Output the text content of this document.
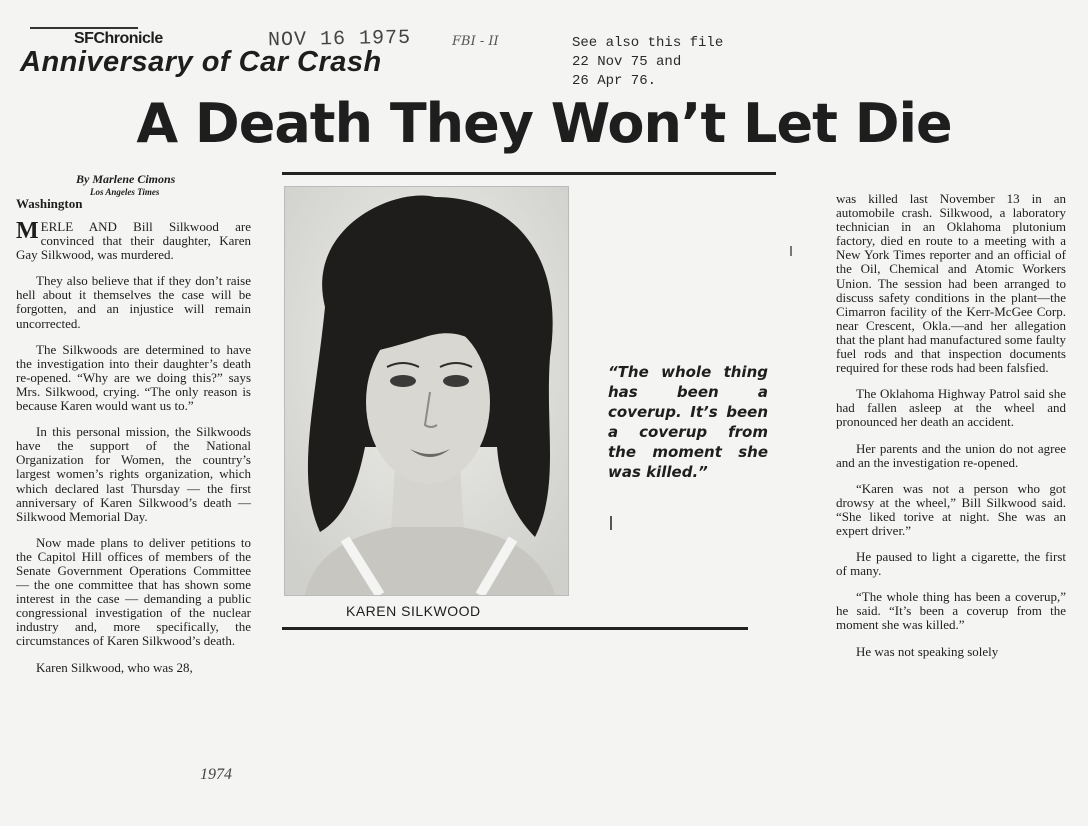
SFChronicle	NOV 16 1975
Anniversary of Car Crash
FBI - II	See also this file
22 Nov 75 and
26 Apr 76.
A Death They Won’t Let Die
By Marlene Cimons
Los Angeles Times
Washington

MERLE AND Bill Silkwood are convinced that their daughter, Karen Gay Silkwood, was murdered.

They also believe that if they don’t raise hell about it themselves the case will be forgotten, and an injustice will remain uncorrected.

The Silkwoods are determined to have the investigation into their daughter’s death re-opened. “Why are we doing this?” says Mrs. Silkwood, crying. “The only reason is because Karen would want us to.”

In this personal mission, the Silkwoods have the support of the National Organization for Women, the country’s largest women’s rights organization, which which declared last Thursday — the first anniversary of Karen Silkwood’s death — Silkwood Memorial Day.

Now made plans to deliver petitions to the Capitol Hill offices of members of the Senate Government Operations Committee — the one committee that has shown some interest in the case — demanding a public congressional investigation of the nuclear industry and, more specifically, the circumstances of Karen Silkwood’s death.

Karen Silkwood, who was 28,

1974
KAREN SILKWOOD
“The whole thing has been a coverup. It’s been a coverup from the moment she was killed.”

was killed last November 13 in an automobile crash. Silkwood, a laboratory technician in an Oklahoma plutonium factory, died en route to a meeting with a New York Times reporter and an official of the Oil, Chemical and Atomic Workers Union. The session had been arranged to discuss safety conditions in the plant—the Cimarron facility of the Kerr-McGee Corp. near Crescent, Okla.—and her allegation that the plant had manufactured some faulty fuel rods and that inspection documents required for these rods had been falsfied.

The Oklahoma Highway Patrol said she had fallen asleep at the wheel and pronounced her death an accident.

Her parents and the union do not agree and an the investigation re-opened.

“Karen was not a person who got drowsy at the wheel,” Bill Silkwood said. “She liked torive at night. She was an expert driver.”

He paused to light a cigarette, the first of many.

“The whole thing has been a coverup,” he said. “It’s been a coverup from the moment she was killed.”

He was not speaking solely
